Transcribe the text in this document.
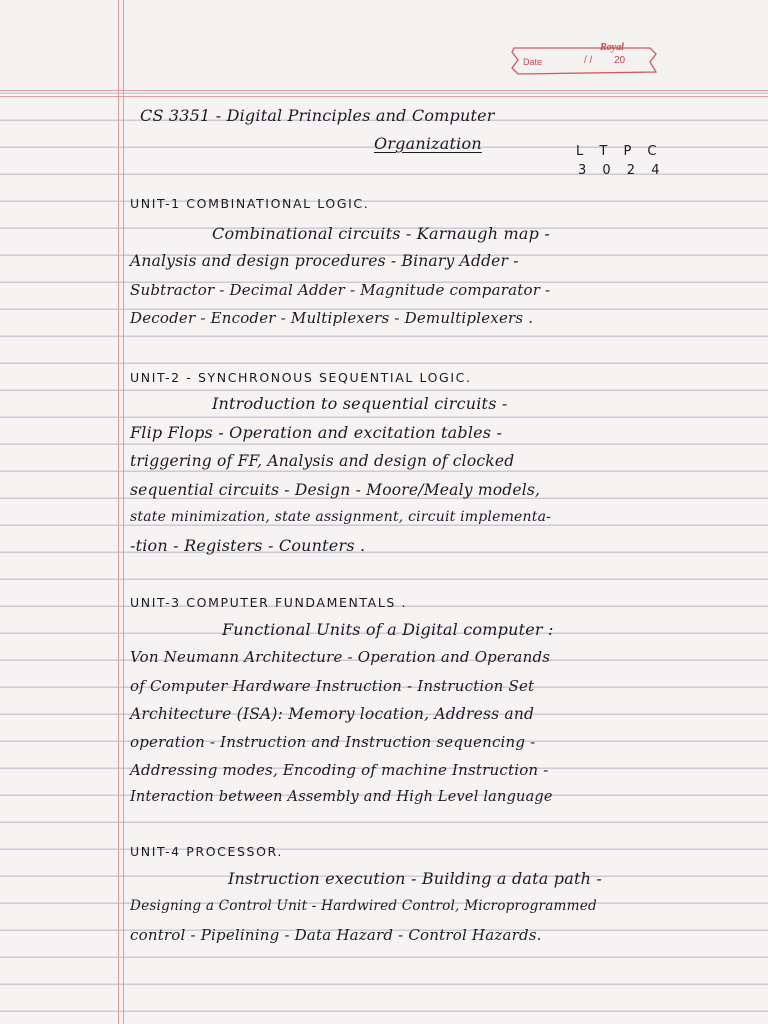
Royal
Date	/ / 20
CS 3351 - Digital Principles and Computer
Organization	L T P C
3 0 2 4
UNIT-1 COMBINATIONAL LOGIC.
Combinational circuits - Karnaugh map -
Analysis and design procedures - Binary Adder -
Subtractor - Decimal Adder - Magnitude comparator -
Decoder - Encoder - Multiplexers - Demultiplexers .
UNIT-2 - SYNCHRONOUS SEQUENTIAL LOGIC.
Introduction to sequential circuits -
Flip Flops - Operation and excitation tables -
triggering of FF, Analysis and design of clocked
sequential circuits - Design - Moore/Mealy models,
state minimization, state assignment, circuit implementa-
-tion - Registers - Counters .
UNIT-3 COMPUTER FUNDAMENTALS .
Functional Units of a Digital computer :
Von Neumann Architecture - Operation and Operands
of Computer Hardware Instruction - Instruction Set
Architecture (ISA): Memory location, Address and
operation - Instruction and Instruction sequencing -
Addressing modes, Encoding of machine Instruction -
Interaction between Assembly and High Level language
UNIT-4 PROCESSOR.
Instruction execution - Building a data path -
Designing a Control Unit - Hardwired Control, Microprogrammed
control - Pipelining - Data Hazard - Control Hazards.
